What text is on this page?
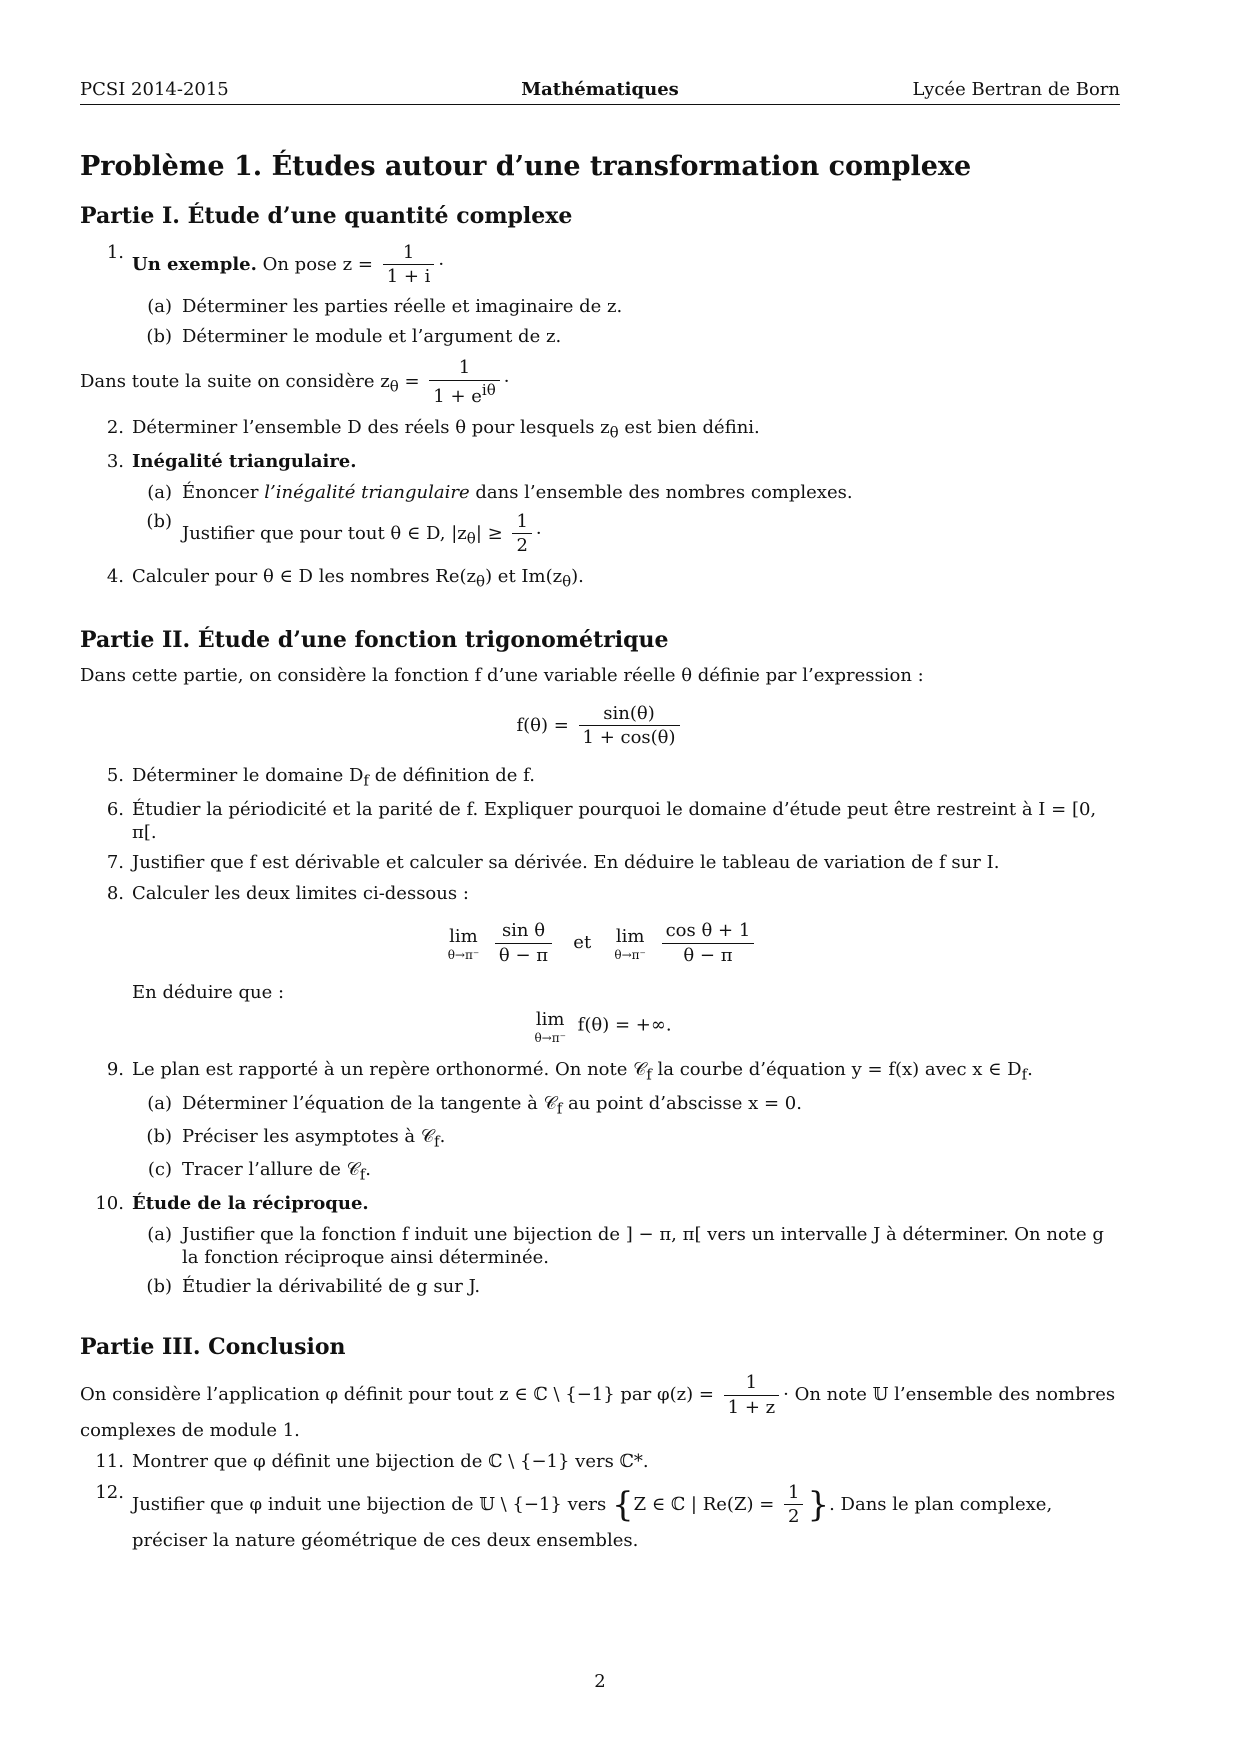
PCSI 2014-2015	Mathématiques	Lycée Bertran de Born
Problème 1. Études autour d’une transformation complexe
Partie I. Étude d’une quantité complexe
1.
Un exemple. On pose $z = \frac{1}{1 + i}$ ·
(a) Déterminer les parties réelle et imaginaire de z.
(b) Déterminer le module et l’argument de z.

Dans toute la suite on considère $z_\theta = \frac{1}{1 + e^{i\theta}}$ ·

2. Déterminer l’ensemble D des réels θ pour lesquels $z_\theta$ est bien défini.
3. Inégalité triangulaire.
(a) Énoncer l’inégalité triangulaire dans l’ensemble des nombres complexes.
(b)
Justifier que pour tout θ ∈ D, $|z_\theta| \ge \frac{1}{2}$ ·
4. Calculer pour θ ∈ D les nombres $Re(z_\theta)$ et $Im(z_\theta)$.
Partie II. Étude d’une fonction trigonométrique

Dans cette partie, on considère la fonction f d’une variable réelle θ définie par l’expression :

$f(\theta) = \frac{\sin(\theta)}{1 + \cos(\theta)}$
5. Déterminer le domaine $D_f$ de définition de f.
6. Étudier la périodicité et la parité de f. Expliquer pourquoi le domaine d’étude peut être restreint à I = [0, π[.
7. Justifier que f est dérivable et calculer sa dérivée. En déduire le tableau de variation de f sur I.
8. Calculer les deux limites ci-dessous :
lim
θ→π⁻
$\frac{\text{sin θ}}{\theta - \pi}$ et lim
θ→π⁻
$\frac{\text{cos θ + 1}}{\theta - \pi}$

En déduire que :

lim
θ→π⁻
f(θ) = +∞.
9. Le plan est rapporté à un repère orthonormé. On note 𝒞$_f$ la courbe d’équation y = f(x) avec x ∈ $D_f$.
(a) Déterminer l’équation de la tangente à 𝒞$_f$ au point d’abscisse x = 0.
(b) Préciser les asymptotes à 𝒞$_f$.
(c) Tracer l’allure de 𝒞$_f$.
10. Étude de la réciproque.
(a) Justifier que la fonction f induit une bijection de ] − π, π[ vers un intervalle J à déterminer. On note g la fonction réciproque ainsi déterminée.
(b) Étudier la dérivabilité de g sur J.
Partie III. Conclusion

On considère l’application φ définit pour tout z ∈ ℂ \ {−1} par $\varphi(z) = \frac{1}{1 + z} \cdot On$ note 𝕌 l’ensemble des nombres complexes de module 1.

11. Montrer que φ définit une bijection de ℂ \ {−1} vers ℂ*.
12.
Justifier que φ induit une bijection de 𝕌 \ {−1} vers {Z ∈ ℂ | $Re(Z) = \frac{1}{2}$ }. Dans le plan complexe, préciser la nature géométrique de ces deux ensembles.
2
